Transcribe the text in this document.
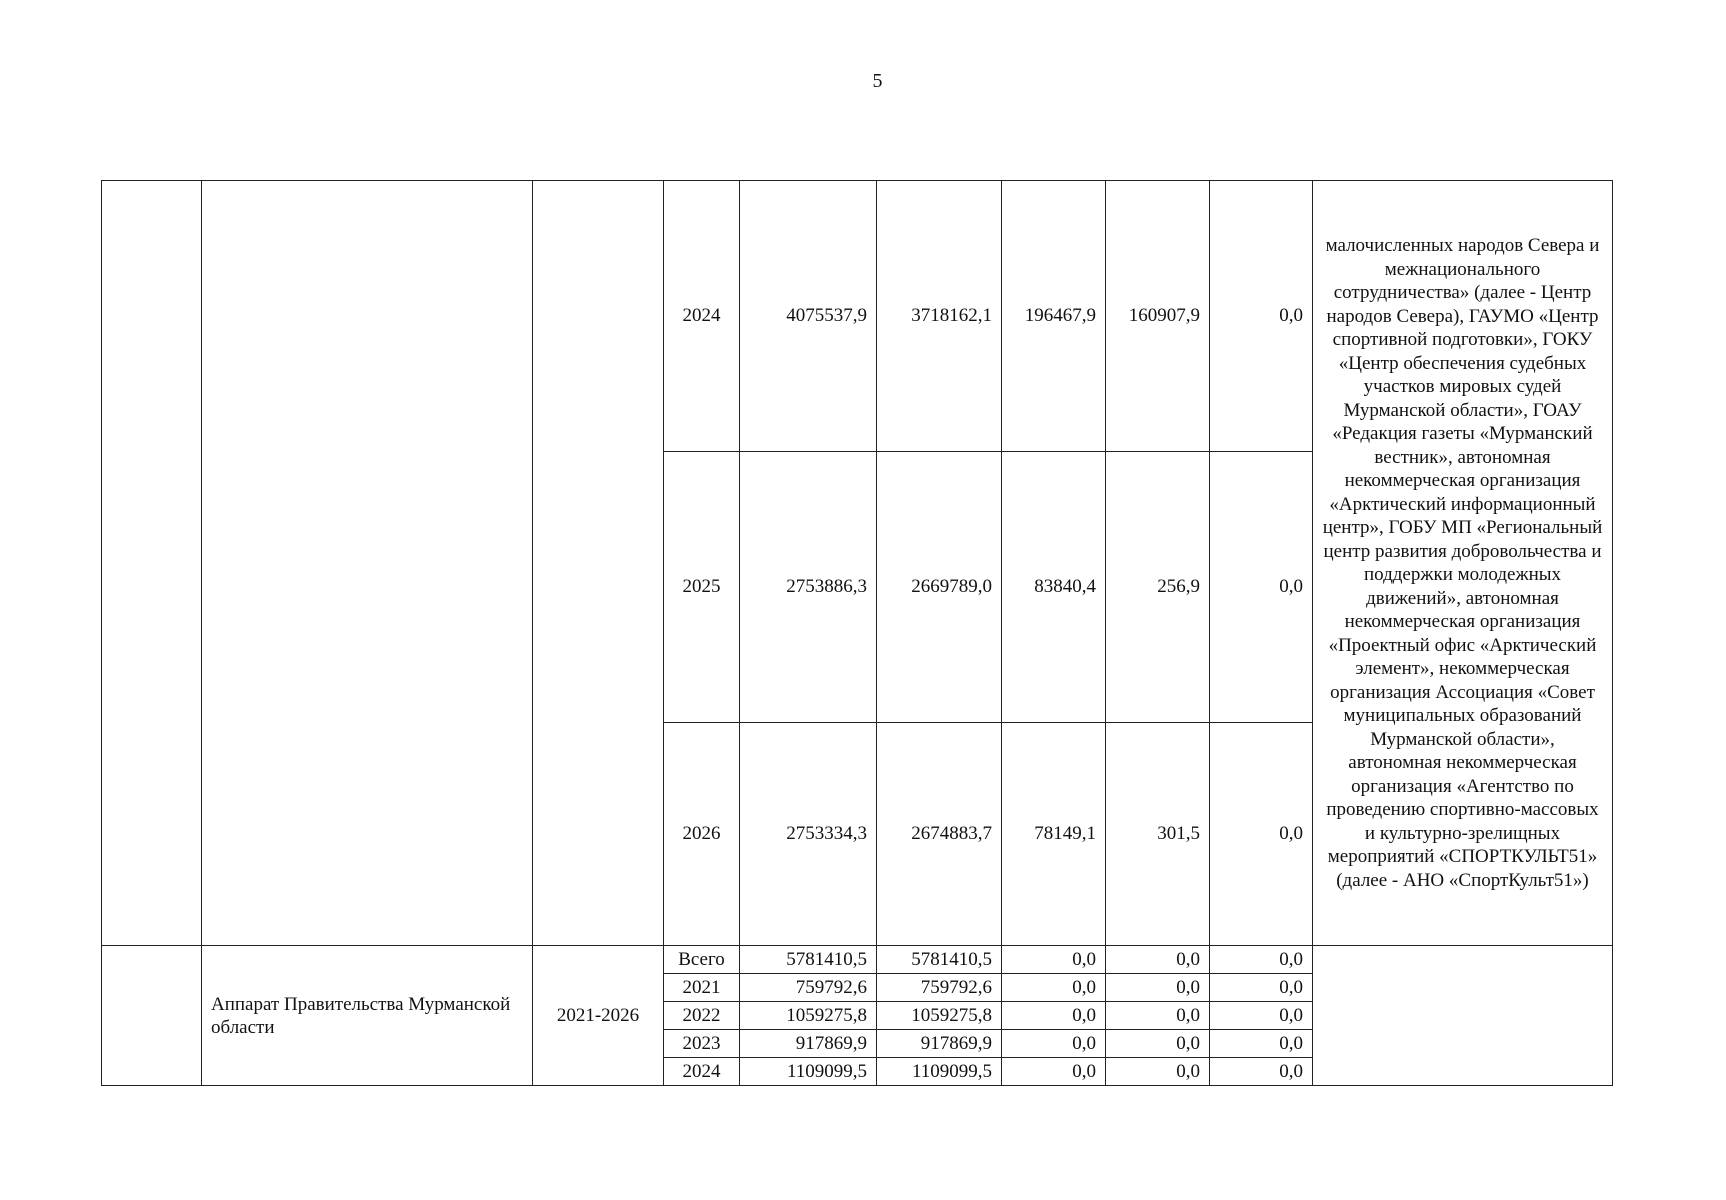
5
			2024	4075537,9	3718162,1	196467,9	160907,9	0,0	малочисленных народов Севера и межнационального сотрудничества» (далее - Центр народов Севера), ГАУМО «Центр спортивной подготовки», ГОКУ «Центр обеспечения судебных участков мировых судей Мурманской области», ГОАУ «Редакция газеты «Мурманский вестник», автономная некоммерческая организация «Арктический информационный центр», ГОБУ МП «Региональный центр развития добровольчества и поддержки молодежных движений», автономная некоммерческая организация «Проектный офис «Арктический элемент», некоммерческая организация Ассоциация «Совет муниципальных образований Мурманской области», автономная некоммерческая организация «Агентство по проведению спортивно-массовых и культурно-зрелищных мероприятий «СПОРТКУЛЬТ51» (далее - АНО «СпортКульт51»)
			2025	2753886,3	2669789,0	83840,4	256,9	0,0	
			2026	2753334,3	2674883,7	78149,1	301,5	0,0	
	Аппарат Правительства Мурманской области	2021-2026	Всего	5781410,5	5781410,5	0,0	0,0	0,0	
			2021	759792,6	759792,6	0,0	0,0	0,0	
			2022	1059275,8	1059275,8	0,0	0,0	0,0	
			2023	917869,9	917869,9	0,0	0,0	0,0	
			2024	1109099,5	1109099,5	0,0	0,0	0,0	
